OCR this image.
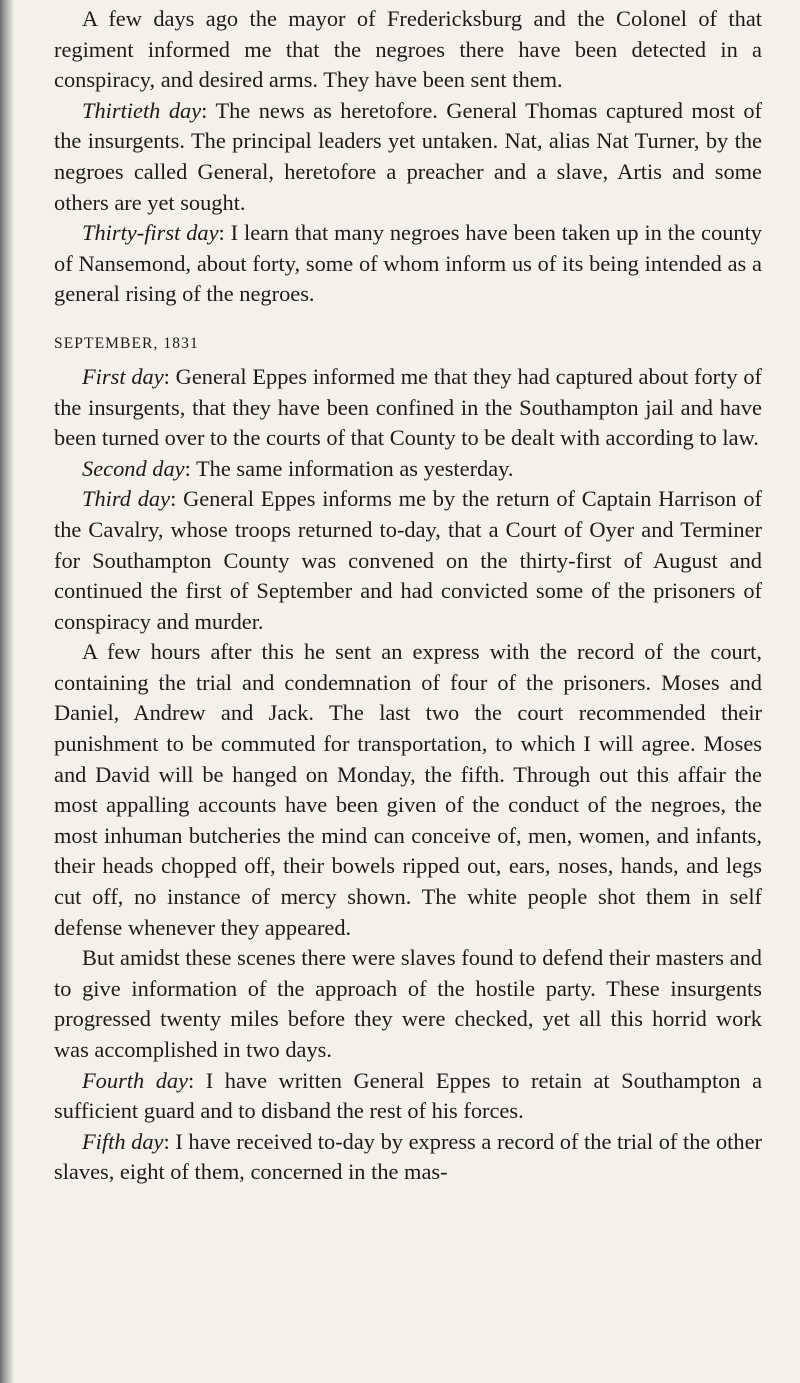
A few days ago the mayor of Fredericksburg and the Colonel of that regiment informed me that the negroes there have been detected in a conspiracy, and desired arms. They have been sent them.

Thirtieth day: The news as heretofore. General Thomas captured most of the insurgents. The principal leaders yet untaken. Nat, alias Nat Turner, by the negroes called General, heretofore a preacher and a slave, Artis and some others are yet sought.

Thirty-first day: I learn that many negroes have been taken up in the county of Nansemond, about forty, some of whom inform us of its being intended as a general rising of the negroes.

SEPTEMBER, 1831

First day: General Eppes informed me that they had captured about forty of the insurgents, that they have been confined in the Southampton jail and have been turned over to the courts of that County to be dealt with according to law.

Second day: The same information as yesterday.

Third day: General Eppes informs me by the return of Captain Harrison of the Cavalry, whose troops returned to-day, that a Court of Oyer and Terminer for Southampton County was convened on the thirty-first of August and continued the first of September and had convicted some of the prisoners of conspiracy and murder.

A few hours after this he sent an express with the record of the court, containing the trial and condemnation of four of the prisoners. Moses and Daniel, Andrew and Jack. The last two the court recommended their punishment to be commuted for transportation, to which I will agree. Moses and David will be hanged on Monday, the fifth. Through out this affair the most appalling accounts have been given of the conduct of the negroes, the most inhuman butcheries the mind can conceive of, men, women, and infants, their heads chopped off, their bowels ripped out, ears, noses, hands, and legs cut off, no instance of mercy shown. The white people shot them in self defense whenever they appeared.

But amidst these scenes there were slaves found to defend their masters and to give information of the approach of the hostile party. These insurgents progressed twenty miles before they were checked, yet all this horrid work was accomplished in two days.

Fourth day: I have written General Eppes to retain at Southampton a sufficient guard and to disband the rest of his forces.

Fifth day: I have received to-day by express a record of the trial of the other slaves, eight of them, concerned in the mas-
